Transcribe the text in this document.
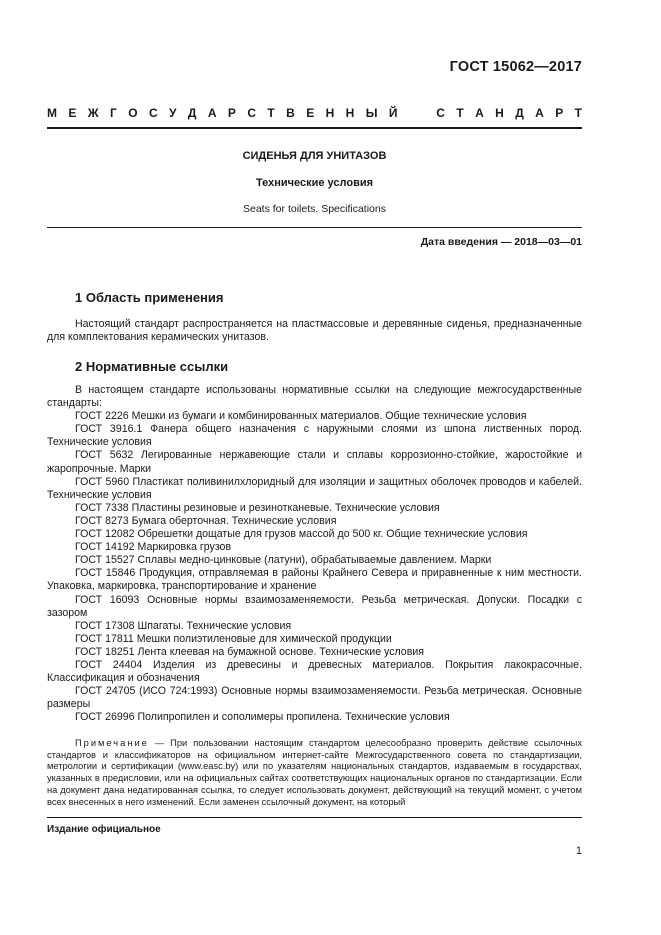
ГОСТ 15062—2017
М Е Ж Г О С У Д А Р С Т В Е Н Н Ы Й	С Т А Н Д А Р Т
СИДЕНЬЯ ДЛЯ УНИТАЗОВ
Технические условия
Seats for toilets. Specifications
Дата введения — 2018—03—01
1 Область применения

Настоящий стандарт распространяется на пластмассовые и деревянные сиденья, предназначенные для комплектования керамических унитазов.

2 Нормативные ссылки

В настоящем стандарте использованы нормативные ссылки на следующие межгосударственные стандарты:

ГОСТ 2226 Мешки из бумаги и комбинированных материалов. Общие технические условия

ГОСТ 3916.1 Фанера общего назначения с наружными слоями из шпона лиственных пород. Технические условия

ГОСТ 5632 Легированные нержавеющие стали и сплавы коррозионно-стойкие, жаростойкие и жаропрочные. Марки

ГОСТ 5960 Пластикат поливинилхлоридный для изоляции и защитных оболочек проводов и кабелей. Технические условия

ГОСТ 7338 Пластины резиновые и резинотканевые. Технические условия

ГОСТ 8273 Бумага оберточная. Технические условия

ГОСТ 12082 Обрешетки дощатые для грузов массой до 500 кг. Общие технические условия

ГОСТ 14192 Маркировка грузов

ГОСТ 15527 Сплавы медно-цинковые (латуни), обрабатываемые давлением. Марки

ГОСТ 15846 Продукция, отправляемая в районы Крайнего Севера и приравненные к ним местности. Упаковка, маркировка, транспортирование и хранение

ГОСТ 16093 Основные нормы взаимозаменяемости. Резьба метрическая. Допуски. Посадки с зазором

ГОСТ 17308 Шпагаты. Технические условия

ГОСТ 17811 Мешки полиэтиленовые для химической продукции

ГОСТ 18251 Лента клеевая на бумажной основе. Технические условия

ГОСТ 24404 Изделия из древесины и древесных материалов. Покрытия лакокрасочные. Классификация и обозначения

ГОСТ 24705 (ИСО 724:1993) Основные нормы взаимозаменяемости. Резьба метрическая. Основные размеры

ГОСТ 26996 Полипропилен и сополимеры пропилена. Технические условия

Примечание — При пользовании настоящим стандартом целесообразно проверить действие ссылочных стандартов и классификаторов на официальном интернет-сайте Межгосударственного совета по стандартизации, метрологии и сертификации (www.easc.by) или по указателям национальных стандартов, издаваемым в государствах, указанных в предисловии, или на официальных сайтах соответствующих национальных органов по стандартизации. Если на документ дана недатированная ссылка, то следует использовать документ, действующий на текущий момент, с учетом всех внесенных в него изменений. Если заменен ссылочный документ, на который
Издание официальное
1
